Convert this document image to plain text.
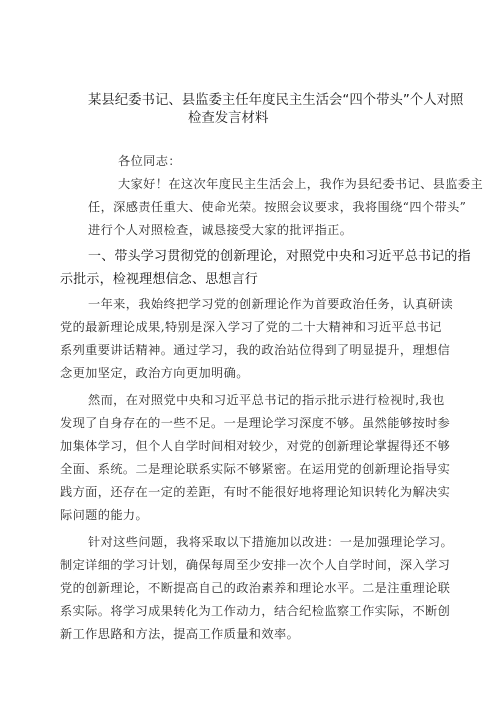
某县纪委书记、县监委主任年度民主生活会“四个带头”个人对照
检查发言材料
各位同志：
大家好！在这次年度民主生活会上，我作为县纪委书记、县监委主
任，深感责任重大、使命光荣。按照会议要求，我将围绕“四个带头”
进行个人对照检查，诚恳接受大家的批评指正。
一、带头学习贯彻党的创新理论，对照党中央和习近平总书记的指
示批示，检视理想信念、思想言行
一年来，我始终把学习党的创新理论作为首要政治任务，认真研读
党的最新理论成果,特别是深入学习了党的二十大精神和习近平总书记
系列重要讲话精神。通过学习，我的政治站位得到了明显提升，理想信
念更加坚定，政治方向更加明确。
然而，在对照党中央和习近平总书记的指示批示进行检视时,我也
发现了自身存在的一些不足。一是理论学习深度不够。虽然能够按时参
加集体学习，但个人自学时间相对较少，对党的创新理论掌握得还不够
全面、系统。二是理论联系实际不够紧密。在运用党的创新理论指导实
践方面，还存在一定的差距，有时不能很好地将理论知识转化为解决实
际问题的能力。
针对这些问题，我将采取以下措施加以改进：一是加强理论学习。
制定详细的学习计划，确保每周至少安排一次个人自学时间，深入学习
党的创新理论，不断提高自己的政治素养和理论水平。二是注重理论联
系实际。将学习成果转化为工作动力，结合纪检监察工作实际，不断创
新工作思路和方法，提高工作质量和效率。
